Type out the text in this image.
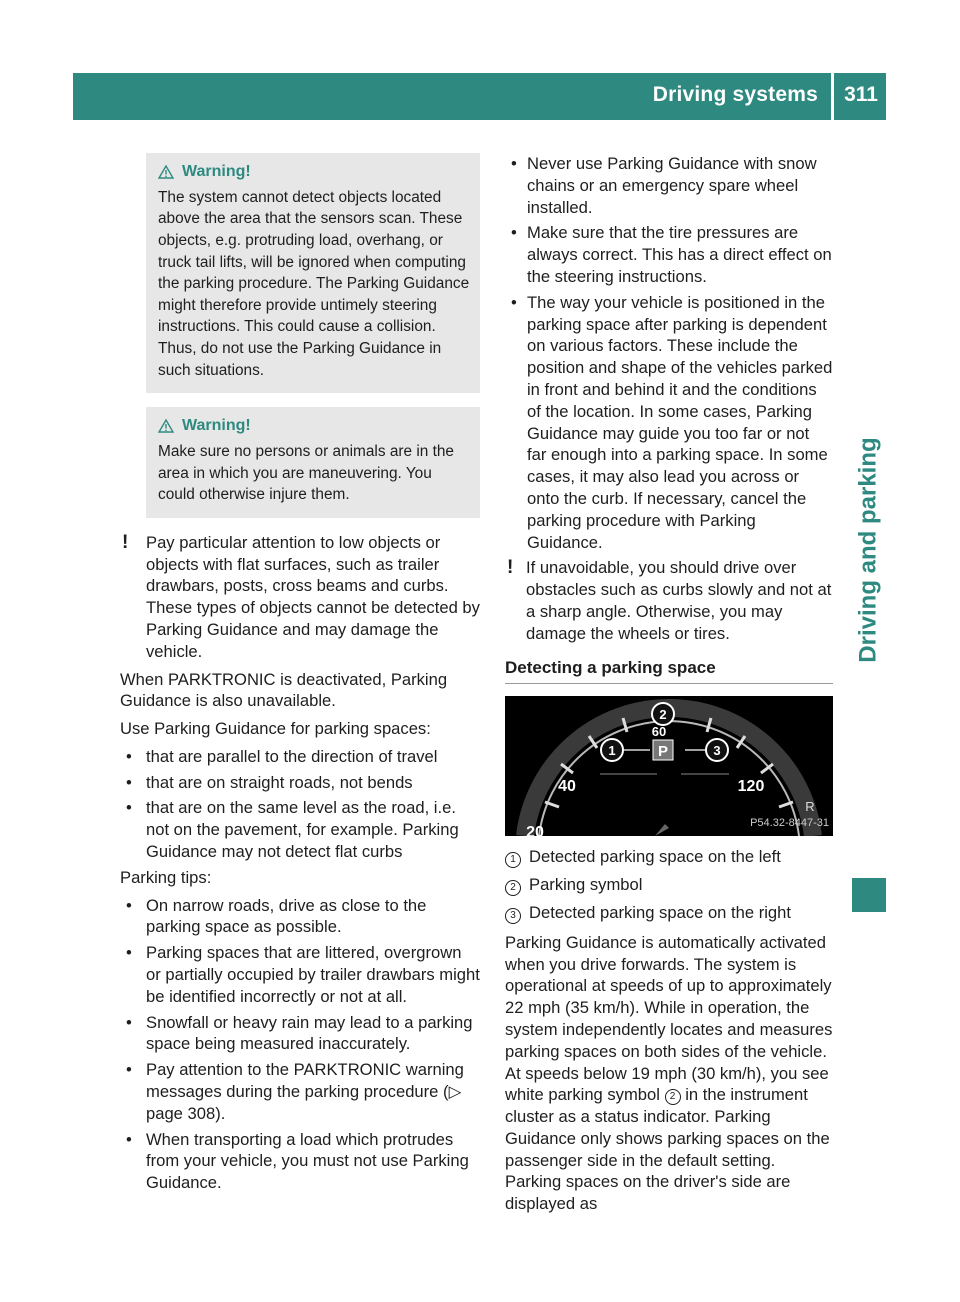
Driving systems 311
Driving and parking
Warning!
The system cannot detect objects located above the area that the sensors scan. These objects, e.g. protruding load, overhang, or truck tail lifts, will be ignored when computing the parking procedure. The Parking Guidance might therefore provide untimely steering instructions. This could cause a collision. Thus, do not use the Parking Guidance in such situations.
Warning!
Make sure no persons or animals are in the area in which you are maneuvering. You could otherwise injure them.
!	Pay particular attention to low objects or objects with flat surfaces, such as trailer drawbars, posts, cross beams and curbs. These types of objects cannot be detected by Parking Guidance and may damage the vehicle.

When PARKTRONIC is deactivated, Parking Guidance is also unavailable.

Use Parking Guidance for parking spaces:

• that are parallel to the direction of travel
• that are on straight roads, not bends
• that are on the same level as the road, i.e. not on the pavement, for example. Parking Guidance may not detect flat curbs

Parking tips:

• On narrow roads, drive as close to the parking space as possible.
• Parking spaces that are littered, overgrown or partially occupied by trailer drawbars might be identified incorrectly or not at all.
• Snowfall or heavy rain may lead to a parking space being measured inaccurately.
• Pay attention to the PARKTRONIC warning messages during the parking procedure (▷ page 308).
• When transporting a load which protrudes from your vehicle, you must not use Parking Guidance.
• Never use Parking Guidance with snow chains or an emergency spare wheel installed.
• Make sure that the tire pressures are always correct. This has a direct effect on the steering instructions.
• The way your vehicle is positioned in the parking space after parking is dependent on various factors. These include the position and shape of the vehicles parked in front and behind it and the conditions of the location. In some cases, Parking Guidance may guide you too far or not far enough into a parking space. In some cases, it may also lead you across or onto the curb. If necessary, cancel the parking procedure with Parking Guidance.
! If unavoidable, you should drive over obstacles such as curbs slowly and not at a sharp angle. Otherwise, you may damage the wheels or tires.
Detecting a parking space
P
1
2
3
40
60
120
20
R
P54.32-8447-31
1 Detected parking space on the left
2 Parking symbol
3 Detected parking space on the right

Parking Guidance is automatically activated when you drive forwards. The system is operational at speeds of up to approximately 22 mph (35 km/h). While in operation, the system independently locates and measures parking spaces on both sides of the vehicle. At speeds below 19 mph (30 km/h), you see white parking symbol 2 in the instrument cluster as a status indicator. Parking Guidance only shows parking spaces on the passenger side in the default setting. Parking spaces on the driver's side are displayed as
